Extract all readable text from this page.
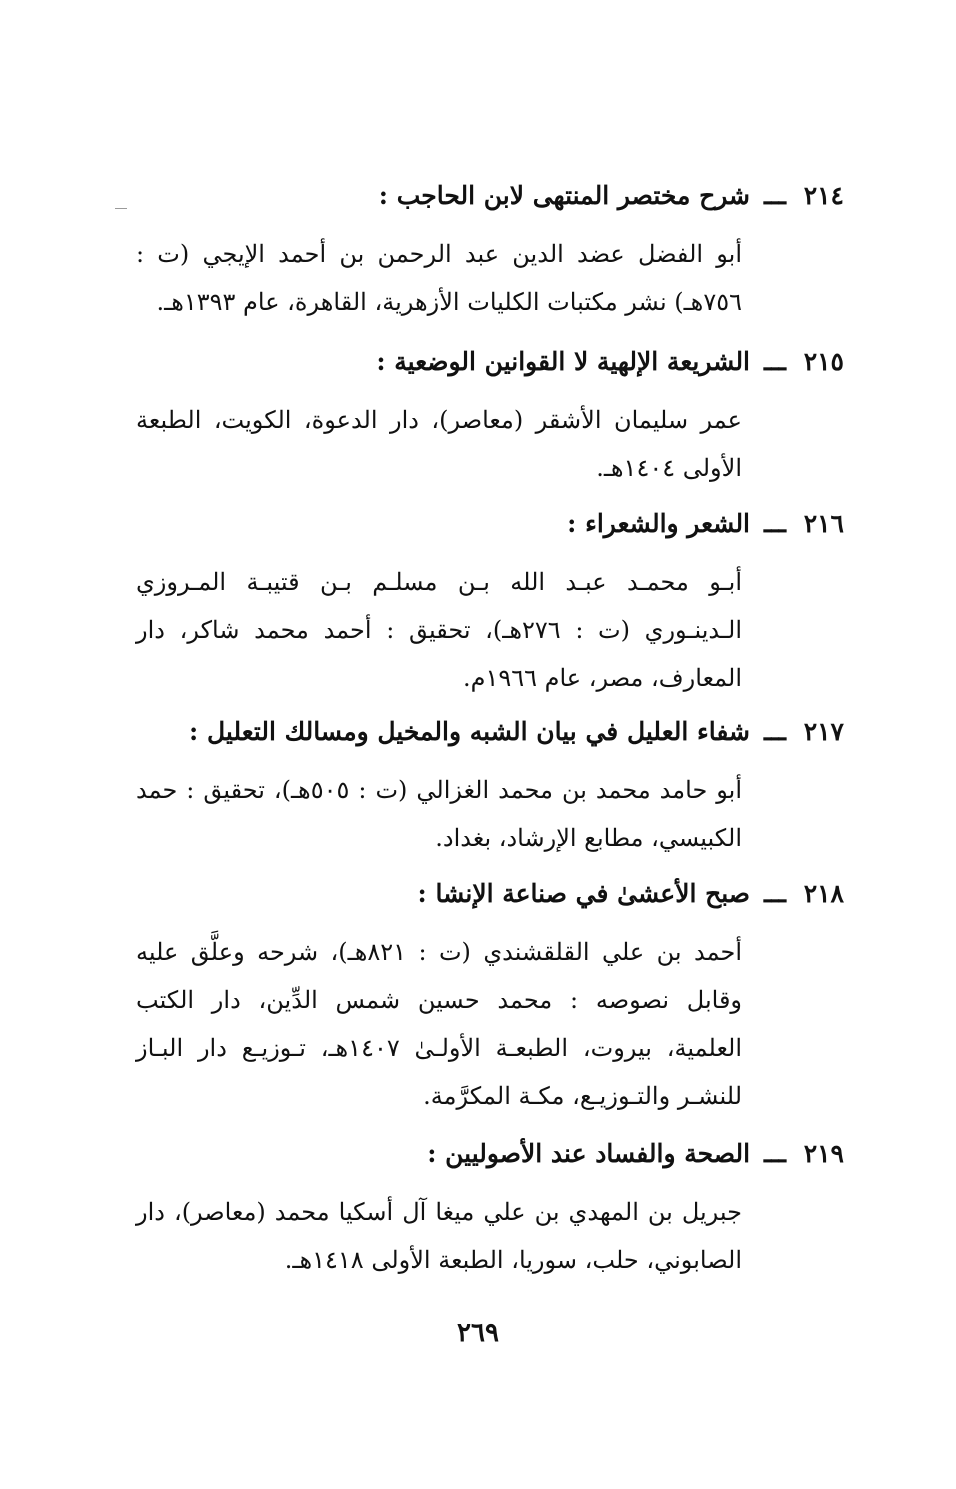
٢١٤
ـــ
شرح مختصر المنتهى لابن الحاجب :
أبو الفضل عضد الدين عبد الرحمن بن أحمد الإيجي (ت : ٧٥٦هـ) نشر مكتبات الكليات الأزهرية، القاهرة، عام ١٣٩٣هـ.
٢١٥
ـــ
الشريعة الإلهية لا القوانين الوضعية :
عمر سليمان الأشقر (معاصر)، دار الدعوة، الكويت، الطبعة الأولى ١٤٠٤هـ.
٢١٦
ـــ
الشعر والشعراء :
أبـو محمـد عبـد الله بـن مسلـم بـن قتيبـة المـروزي الـدينـوري (ت : ٢٧٦هـ)، تحقيق : أحمد محمد شاكر، دار المعارف، مصر، عام ١٩٦٦م.
٢١٧
ـــ
شفاء العليل في بيان الشبه والمخيل ومسالك التعليل :
أبو حامد محمد بن محمد الغزالي (ت : ٥٠٥هـ)، تحقيق : حمد الكبيسي، مطابع الإرشاد، بغداد.
٢١٨
ـــ
صبح الأعشىٰ في صناعة الإنشا :
أحمد بن علي القلقشندي (ت : ٨٢١هـ)، شرحه وعلَّق عليه وقابل نصوصه : محمد حسين شمس الدِّين، دار الكتب العلمية، بيروت، الطبعـة الأولـىٰ ١٤٠٧هـ، تـوزيـع دار البـاز للنشـر والتـوزيـع، مكـة المكرَّمة.
٢١٩
ـــ
الصحة والفساد عند الأصوليين :
جبريل بن المهدي بن علي ميغا آل أسكيا محمد (معاصر)، دار الصابوني، حلب، سوريا، الطبعة الأولى ١٤١٨هـ.
٢٦٩
